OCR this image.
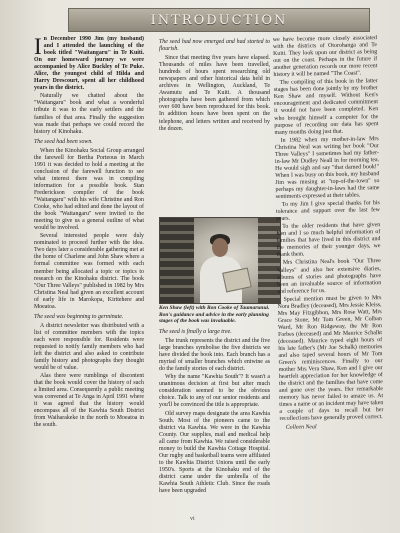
INTRODUCTION

In December 1990 Jim (my husband) and I attended the launching of the book titled "Waitangaru" in Te Kuiti. On our homeward journey we were accompanied by Alice Buckley of Te Puke. Alice, the youngest child of Hilda and Harry Drescourt, spent all her childhood years in the district.

Naturally we chatted about the "Waitangaru" book and what a wonderful tribute it was to the early settlers and the families of that area. Finally the suggestion was made that perhaps we could record the history of Kinohaku.

The seed had been sown.

When the Kinohaku Social Group arranged the farewell for Bertha Porteous in March 1991 it was decided to hold a meeting at the conclusion of the farewell function to see what interest there was in compiling information for a possible book. Stan Frederickson compiler of the book "Waitangaru" with his wife Christine and Ron Cooke, who had edited and done the layout of the book "Waitangaru" were invited to the meeting to give us a general outline of what would be involved.

Several interested people were duly nominated to proceed further with the idea. Two days later a considerable gathering met at the home of Charlene and John Shaw where a formal committee was formed with each member being allocated a topic or topics to research on the Kinohaku district. The book "Our Three Valleys" published in 1982 by Mrs Christina Neal had given an excellent account of early life in Marokopa, Kiritehere and Moeatoa.

The seed was beginning to germinate.

A district newsletter was distributed with a list of committee members with the topics each were responsible for. Residents were requested to notify family members who had left the district and also asked to contribute family history and photographs they thought would be of value.

Alas there were rumblings of discontent that the book would cover the history of such a limited area. Consequently a public meeting was convened at Te Anga in April 1991 where it was agreed that the history would encompass all of the Kawhia South District from Waiharakeke in the north to Moeatoa in the south.

The seed had now emerged and had started to flourish.

Since that meeting five years have elapsed. Thousands of miles have been travelled, hundreds of hours spent researching old newspapers and other historical data held in archives in Wellington, Auckland, Te Awamutu and Te Kuiti. A thousand photographs have been gathered from which over 600 have been reproduced for this book. In addition hours have been spent on the telephone, and letters written and received by the dozen.

Ken Shaw (left) with Ron Cooke of Taumarunui. Ron's guidance and advice in the early planning stages of the book was invaluable.

The seed is finally a large tree.

The trunk represents the district and the five large branches symbolise the five districts we have divided the book into. Each branch has a myriad of smaller branches which entwine as do the family stories of each district.

Why the name "Kawhia South"? It wasn't a unanimous decision at first but after much consideration seemed to be the obvious choice. Talk to any of our senior residents and you'll be convinced the title is appropriate.

Old survey maps designate the area Kawhia South. Most of the pioneers came to the district via Kawhia. We were in the Kawhia County. Our supplies, mail and medical help all came from Kawhia. We raised considerable money to build the Kawhia Cottage Hospital. Our rugby and basketball teams were affiliated to the Kawhia District Unions until the early 1950's. Sports at the Kinohaku end of the district came under the umbrella of the Kawhia South Athletic Club. Since the roads have been upgraded

we have become more closely associated with the districts of Otorohanga and Te Kuiti. They look upon our district as being out on the coast. Perhaps in the future if another generation records our more recent history it will be named "The Coast".

The compiling of this book in the latter stages has been done jointly by my brother Ken Shaw and myself. Without Ken's encouragement and dedicated commitment it would not have been completed. Ken who brought himself a computer for the purpose of recording our data has spent many months doing just that.

In 1982 when my mother-in-law Mrs Christina Neal was writing her book "Our Three Valleys" I sometimes had my father-in-law Mr Dudley Neall in for morning tea. He would sigh and say "that darned book!" When I was busy on this book, my husband Jim was musing at "top-of-the-town" so perhaps my daughter-in-laws had the same sentiments expressed at their tables.

To my Jim I give special thanks for his tolerance and support over the last few years.

To the older residents that have given Ken and I so much helpful information of families that have lived in this district and the memories of their younger days, we thank them.

Mrs Christina Neal's book "Our Three Valleys" and also her extensive diaries, albums of stories and photographs have been an invaluable source of information and reference for us.

Special mention must be given to Mrs Nora Bradley (deceased), Mrs Jessie Kleiss, Mrs May Fitzgibbon, Mrs Rose Watt, Mrs Grace Stone, Mr Tom Green, Mr Colban Ward, Mr Ron Ridgeway, the Mr Ron Forbes (deceased) and Mr Maurice Schalkt (deceased). Maurice typed eight hours of his late father's (Mr Joe Schalk) memories and also taped several hours of Mr Tom Green's reminiscences. Finally to our mother Mrs Vera Shaw, Ken and I give our heartfelt appreciation for her knowledge of the district and the families that have come and gone over the years. Her remarkable memory has never failed to amaze us. At times a name or an incident may have taken a couple of days to recall but her recollections have generally proved correct.

Colleen Neal

vi
